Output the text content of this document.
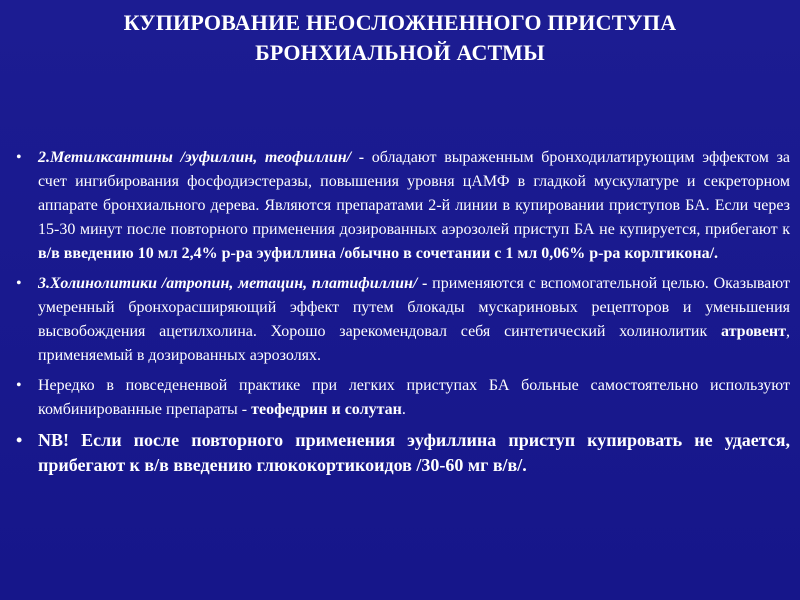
КУПИРОВАНИЕ НЕОСЛОЖНЕННОГО ПРИСТУПА
БРОНХИАЛЬНОЙ АСТМЫ
• 2.Метилксантины /эуфиллин, теофиллин/ - обладают выраженным бронходилатирующим эффектом за счет ингибирования фосфодиэстеразы, повышения уровня цАМФ в гладкой мускулатуре и секреторном аппарате бронхиального дерева. Являются препаратами 2-й линии в купировании приступов БА. Если через 15-30 минут после повторного применения дозированных аэрозолей приступ БА не купируется, прибегают к в/в введению 10 мл 2,4% р-ра эуфиллина /обычно в сочетании с 1 мл 0,06% р-ра корлгикона/.
• 3.Холинолитики /атропин, метацин, платифиллин/ - применяются с вспомогательной целью. Оказывают умеренный бронхорасширяющий эффект путем блокады мускариновых рецепторов и уменьшения высвобождения ацетилхолина. Хорошо зарекомендовал себя синтетический холинолитик атровент, применяемый в дозированных аэрозолях.
• Нередко в повседененвой практике при легких приступах БА больные самостоятельно используют комбинированные препараты - теофедрин и солутан.
• NB! Если после повторного применения эуфиллина приступ купировать не удается, прибегают к в/в введению глюкокортикоидов /30-60 мг в/в/.
